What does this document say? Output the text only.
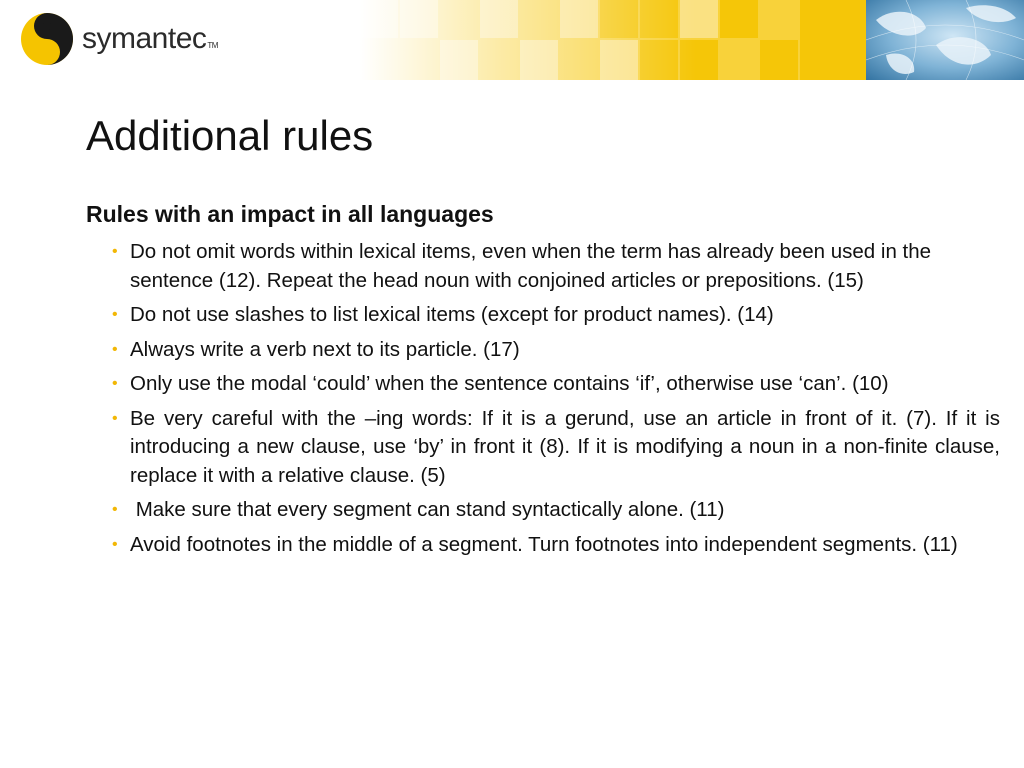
symantecTM
Additional rules
Rules with an impact in all languages
• Do not omit words within lexical items, even when the term has already been used in the sentence (12). Repeat the head noun with conjoined articles or prepositions. (15)
• Do not use slashes to list lexical items (except for product names). (14)
• Always write a verb next to its particle. (17)
• Only use the modal ‘could’ when the sentence contains ‘if’, otherwise use ‘can’. (10)
• Be very careful with the –ing words: If it is a gerund, use an article in front of it. (7). If it is introducing a new clause, use ‘by’ in front it (8). If it is modifying a noun in a non-finite clause, replace it with a relative clause. (5)
• Make sure that every segment can stand syntactically alone. (11)
• Avoid footnotes in the middle of a segment. Turn footnotes into independent segments. (11)
